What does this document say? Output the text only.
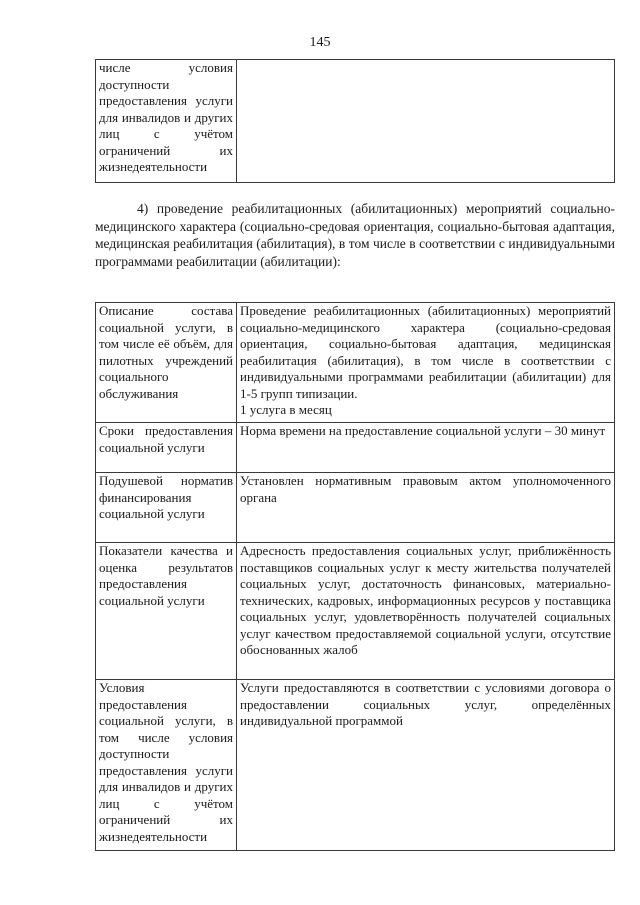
145
числе условия доступности предоставления услуги для инвалидов и других лиц с учётом ограничений их жизнедеятельности	

4) проведение реабилитационных (абилитационных) мероприятий социально-медицинского характера (социально-средовая ориентация, социально-бытовая адаптация, медицинская реабилитация (абилитация), в том числе в соответствии с индивидуальными программами реабилитации (абилитации):

Описание состава социальной услуги, в том числе её объём, для пилотных учреждений социального обслуживания	Проведение реабилитационных (абилитационных) мероприятий социально-медицинского характера (социально-средовая ориентация, социально-бытовая адаптация, медицинская реабилитация (абилитация), в том числе в соответствии с индивидуальными программами реабилитации (абилитации) для 1-5 групп типизации.
1 услуга в месяц

Сроки предоставления социальной услуги	Норма времени на предоставление социальной услуги – 30 минут
Подушевой норматив финансирования социальной услуги	Установлен нормативным правовым актом уполномоченного органа
Показатели качества и оценка результатов предоставления социальной услуги	Адресность предоставления социальных услуг, приближённость поставщиков социальных услуг к месту жительства получателей социальных услуг, достаточность финансовых, материально-технических, кадровых, информационных ресурсов у поставщика социальных услуг, удовлетворённость получателей социальных услуг качеством предоставляемой социальной услуги, отсутствие обоснованных жалоб
Условия предоставления социальной услуги, в том числе условия доступности предоставления услуги для инвалидов и других лиц с учётом ограничений их жизнедеятельности	Услуги предоставляются в соответствии с условиями договора о предоставлении социальных услуг, определённых индивидуальной программой
